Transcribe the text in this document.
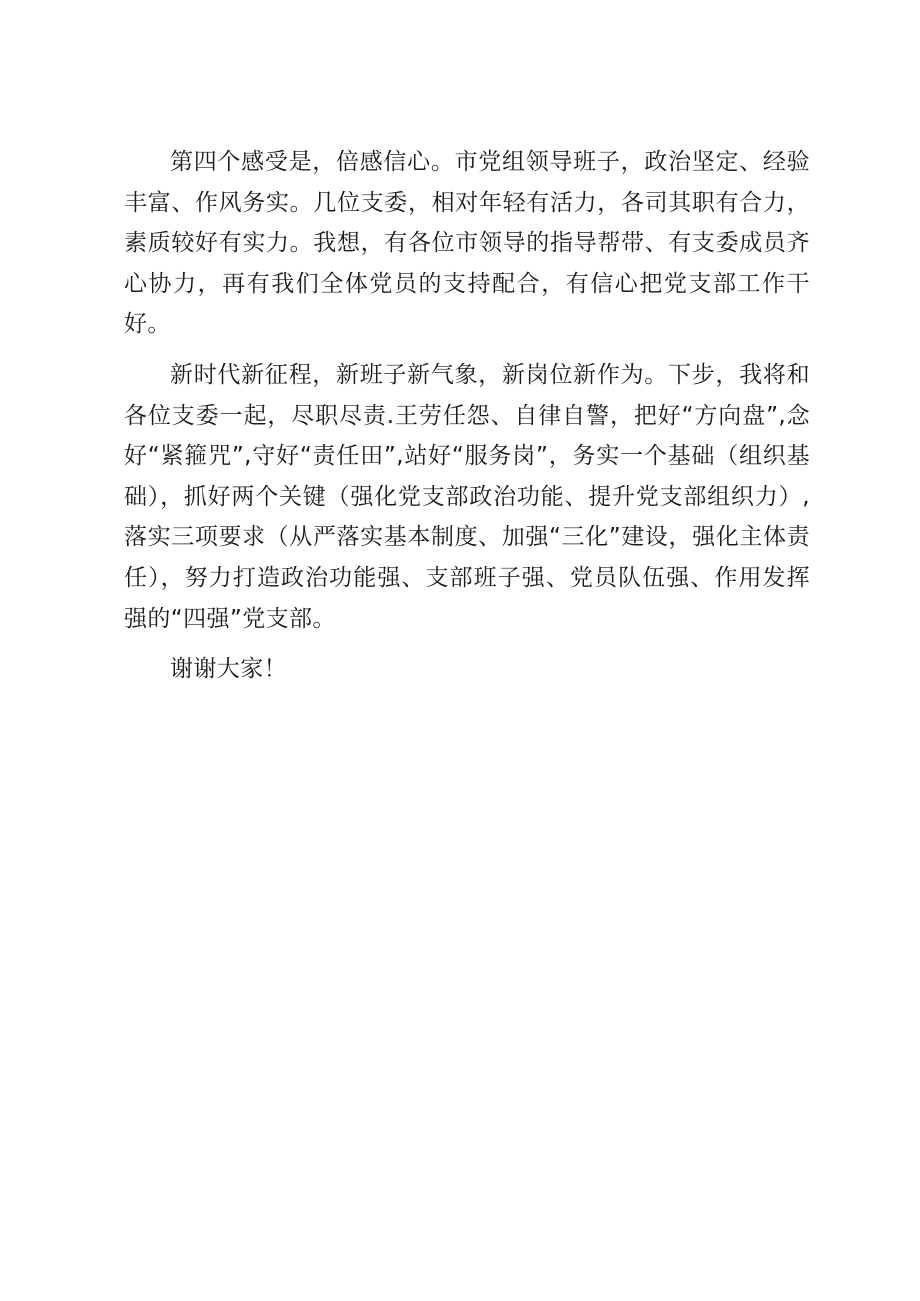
第四个感受是，倍感信心。市党组领导班子，政治坚定、经验丰富、作风务实。几位支委，相对年轻有活力，各司其职有合力，素质较好有实力。我想，有各位市领导的指导帮带、有支委成员齐心协力，再有我们全体党员的支持配合，有信心把党支部工作干好。

新时代新征程，新班子新气象，新岗位新作为。下步，我将和各位支委一起，尽职尽责.王劳任怨、自律自警，把好“方向盘”,念好“紧箍咒”,守好“责任田”,站好“服务岗”，务实一个基础（组织基础），抓好两个关键（强化党支部政治功能、提升党支部组织力）,落实三项要求（从严落实基本制度、加强“三化”建设，强化主体责任），努力打造政治功能强、支部班子强、党员队伍强、作用发挥强的“四强”党支部。

谢谢大家！
